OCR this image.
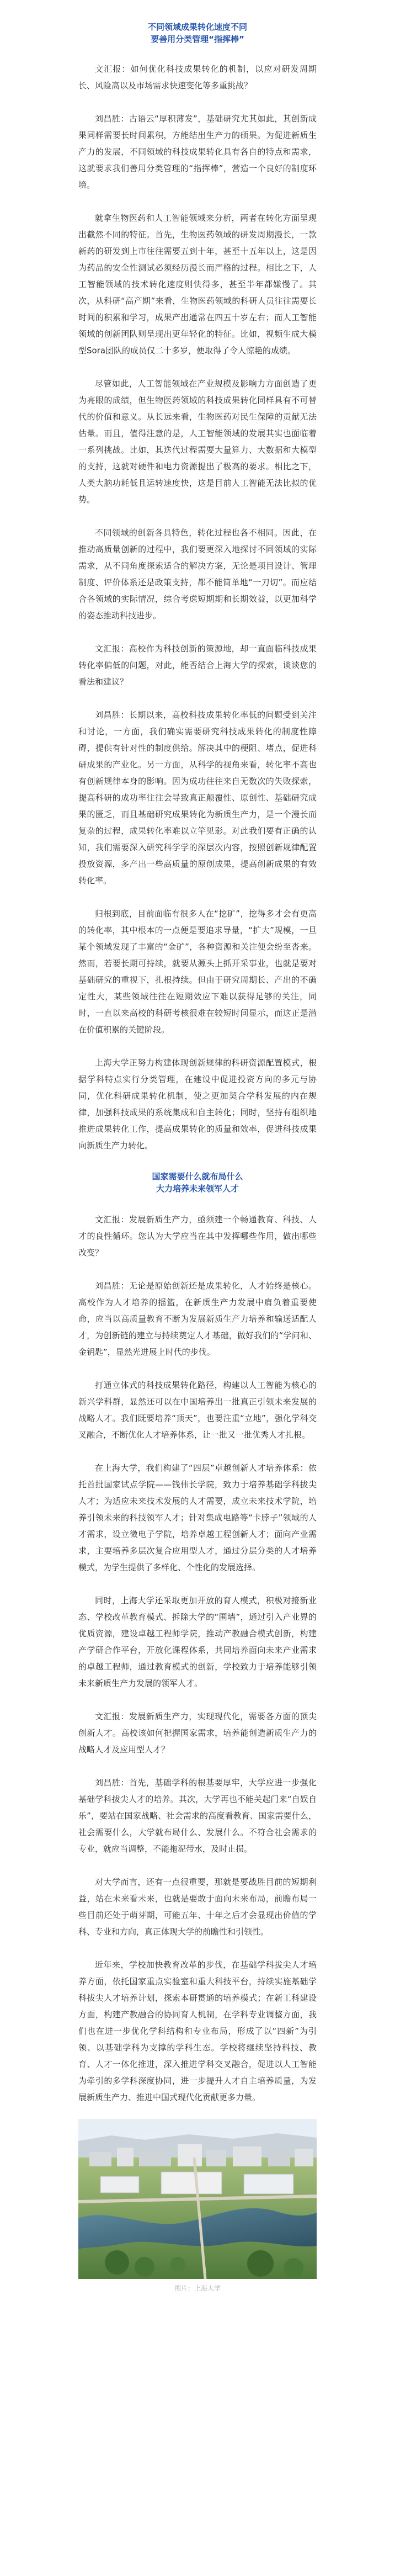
不同领域成果转化速度不同
要善用分类管理“指挥棒”

文汇报：如何优化科技成果转化的机制，以应对研发周期长、风险高以及市场需求快速变化等多重挑战？

刘昌胜：古语云“厚积薄发”，基础研究尤其如此，其创新成果同样需要长时间累积，方能结出生产力的硕果。为促进新质生产力的发展，不同领域的科技成果转化具有各自的特点和需求，这就要求我们善用分类管理的“指挥棒”，营造一个良好的制度环境。

就拿生物医药和人工智能领域来分析，两者在转化方面呈现出截然不同的特征。首先，生物医药领域的研发周期漫长，一款新药的研发到上市往往需要五到十年，甚至十五年以上，这是因为药品的安全性测试必须经历漫长而严格的过程。相比之下，人工智能领域的技术转化速度则快得多，甚至半年都嫌慢了。其次，从科研“高产期”来看，生物医药领域的科研人员往往需要长时间的积累和学习，成果产出通常在四五十岁左右；而人工智能领域的创新团队则呈现出更年轻化的特征。比如，视频生成大模型Sora团队的成员仅二十多岁，便取得了令人惊艳的成绩。

尽管如此，人工智能领域在产业规模及影响力方面创造了更为亮眼的成绩，但生物医药领域的科技成果转化同样具有不可替代的价值和意义。从长远来看，生物医药对民生保障的贡献无法估量。而且，值得注意的是，人工智能领域的发展其实也面临着一系列挑战。比如，其迭代过程需要大量算力、大数据和大模型的支持，这就对硬件和电力资源提出了极高的要求。相比之下，人类大脑功耗低且运转速度快，这是目前人工智能无法比拟的优势。

不同领域的创新各具特色，转化过程也各不相同。因此，在推动高质量创新的过程中，我们要更深入地探讨不同领域的实际需求，从不同角度探索适合的解决方案，无论是项目设计、管理制度、评价体系还是政策支持，都不能简单地“一刀切”。而应结合各领域的实际情况，综合考虑短期期和长期效益，以更加科学的姿态推动科技进步。

文汇报：高校作为科技创新的策源地，却一直面临科技成果转化率偏低的问题，对此，能否结合上海大学的探索，谈谈您的看法和建议？

刘昌胜：长期以来，高校科技成果转化率低的问题受到关注和讨论，一方面，我们确实需要研究科技成果转化的制度性障碍，提供有针对性的制度供给。解决其中的梗阻、堵点，促进科研成果的产业化。另一方面，从科学的视角来看，转化率不高也有创新规律本身的影响。因为成功往往来自无数次的失败探索，提高科研的成功率往往会导致真正颠覆性、原创性、基础研究成果的匮乏，而且基础研究成果转化为新质生产力，是一个漫长而复杂的过程，成果转化率难以立竿见影。对此我们要有正确的认知，我们需要深入研究科学学的深层次内容，按照创新规律配置投放资源，多产出一些高质量的原创成果，提高创新成果的有效转化率。

归根到底，目前面临有很多人在“挖矿”，挖得多才会有更高的转化率，其中根本的一点便是要追求导量，“扩大”规模，一旦某个领域发现了丰富的“金矿”，各种资源和关注便会纷至沓来。然而，若要长期可持续，就要从源头上抓开采事业，也就是要对基础研究的重视下，扎根持续。但由于研究周期长、产出的不确定性大，某些领域往往在短期效应下难以获得足够的关注，同时，一直以来高校的科研考核很难在较短时间显示，而这正是潜在价值积累的关键阶段。

上海大学正努力构建体现创新规律的科研资源配置模式，根据学科特点实行分类管理，在建设中促进投资方向的多元与协同，优化科研成果转化机制，使之更加契合学科发展的内在规律，加强科技成果的系统集成和自主转化；同时，坚持有组织地推进成果转化工作，提高成果转化的质量和效率，促进科技成果向新质生产力转化。

国家需要什么就布局什么
大力培养未来领军人才

文汇报：发展新质生产力，亟须建一个畅通教育、科技、人才的良性循环。您认为大学应当在其中发挥哪些作用，做出哪些改变？

刘昌胜：无论是原始创新还是成果转化，人才始终是核心。高校作为人才培养的摇篮，在新质生产力发展中肩负着重要使命，应当以高质量教育不断为发展新质生产力培养和输送适配人才，为创新链的建立与持续奠定人才基础，做好我们的“学问和、金钥匙”，显然光进展上时代的步伐。

打通立体式的科技成果转化路径，构建以人工智能为核心的新兴学科群，显然还可以在中国培养出一批真正引领未来发展的战略人才。我们既要培养“顶天”，也要注重“立地”，强化学科交叉融合，不断优化人才培养体系，让一批又一批优秀人才扎根。

在上海大学，我们构建了“四层”卓越创新人才培养体系：依托首批国家试点学院——钱伟长学院，致力于培养基础学科拔尖人才；为适应未来技术发展的人才需要，成立未来技术学院，培养引领未来的科技领军人才；针对集成电路等“卡脖子”领域的人才需求，设立微电子学院，培养卓越工程创新人才；面向产业需求，主要培养多层次复合应用型人才，通过分层分类的人才培养模式，为学生提供了多样化、个性化的发展选择。

同时，上海大学还采取更加开放的育人模式，积极对接新业态、学校改革教育模式、拆除大学的“围墙”，通过引入产业界的优质资源，建设卓越工程师学院，推动产教融合模式创新，构建产学研合作平台，开放化课程体系，共同培养面向未来产业需求的卓越工程师，通过教育模式的创新，学校致力于培养能够引领未来新质生产力发展的领军人才。

文汇报：发展新质生产力，实现现代化，需要各方面的顶尖创新人才。高校该如何把握国家需求，培养能创造新质生产力的战略人才及应用型人才？

刘昌胜：首先，基础学科的根基要厚牢，大学应进一步强化基础学科拔尖人才的培养。其次，大学再也不能关起门来“自娱自乐”，要站在国家战略、社会需求的高度看教育、国家需要什么，社会需要什么，大学就布局什么、发展什么。不符合社会需求的专业，就应当调整，不能拖泥带水，及时止损。

对大学而言，还有一点很重要，那就是要战胜目前的短期利益，站在未来看未来，也就是要敢于面向未来布局，前瞻布局一些目前还处于萌芽期，可能五年、十年之后才会显现出价值的学科、专业和方向，真正体现大学的前瞻性和引领性。

近年来，学校加快教育改革的步伐，在基础学科拔尖人才培养方面，依托国家重点实验室和重大科技平台，持续实施基础学科拔尖人才培养计划，探索本研贯通的培养模式；在新工科建设方面，构建产教融合的协同育人机制，在学科专业调整方面，我们也在进一步优化学科结构和专业布局，形成了以“四新”为引领、以基础学科为支撑的学科生态。学校将继续坚持科技、教育、人才一体化推进，深入推进学科交叉融合，促进以人工智能为牵引的多学科深度协同，进一步提升人才自主培养质量，为发展新质生产力、推进中国式现代化贡献更多力量。

图片：上海大学
